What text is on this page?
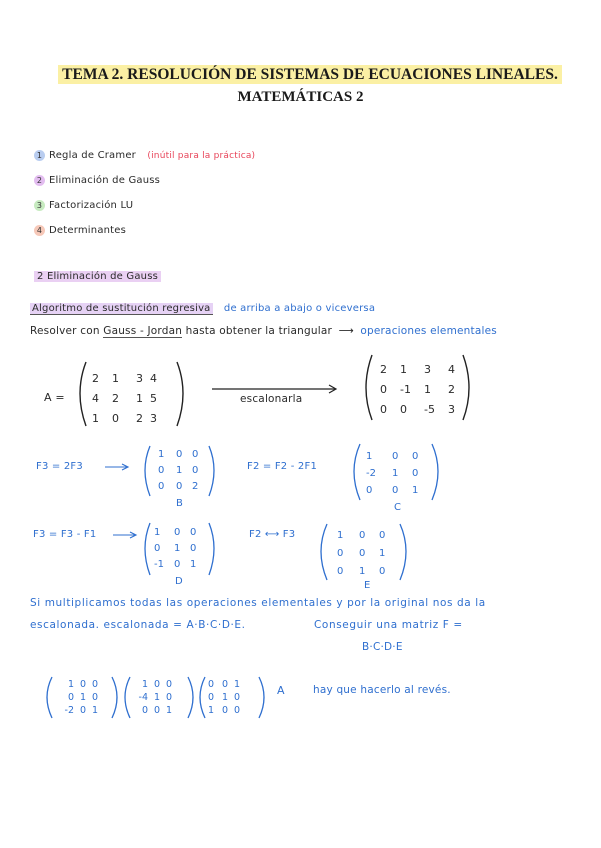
TEMA 2. RESOLUCIÓN DE SISTEMAS DE ECUACIONES LINEALES.
MATEMÁTICAS 2
1 Regla de Cramer (inútil para la práctica)
2 Eliminación de Gauss
3 Factorización LU
4 Determinantes
2 Eliminación de Gauss
Algoritmo de sustitución regresiva de arriba a abajo o viceversa
Resolver con Gauss - Jordan hasta obtener la triangular ⟶ operaciones elementales
A =
2 1 3 4
4 2 1 5
1 0 2 3
escalonarla
2 1 3 4
0 -1 1 2
0 0 -5 3
F3 = 2F3
1 0 0
0 1 0
0 0 2
B
F2 = F2 - 2F1
1 0 0
-2 1 0
0 0 1
C
F3 = F3 - F1	1 0 0
0 1 0
-1 0 1
D
F2 ⟷ F3	1 0 0
0 0 1
0 1 0
E
Si multiplicamos todas las operaciones elementales y por la original nos da la
escalonada. escalonada = A·B·C·D·E.	Conseguir una matriz F =
B·C·D·E
1 0 0
0 1 0
-2 0 1
1 0 0
-4 1 0
0 0 1
0 0 1
0 1 0
1 0 0
A	hay que hacerlo al revés.
